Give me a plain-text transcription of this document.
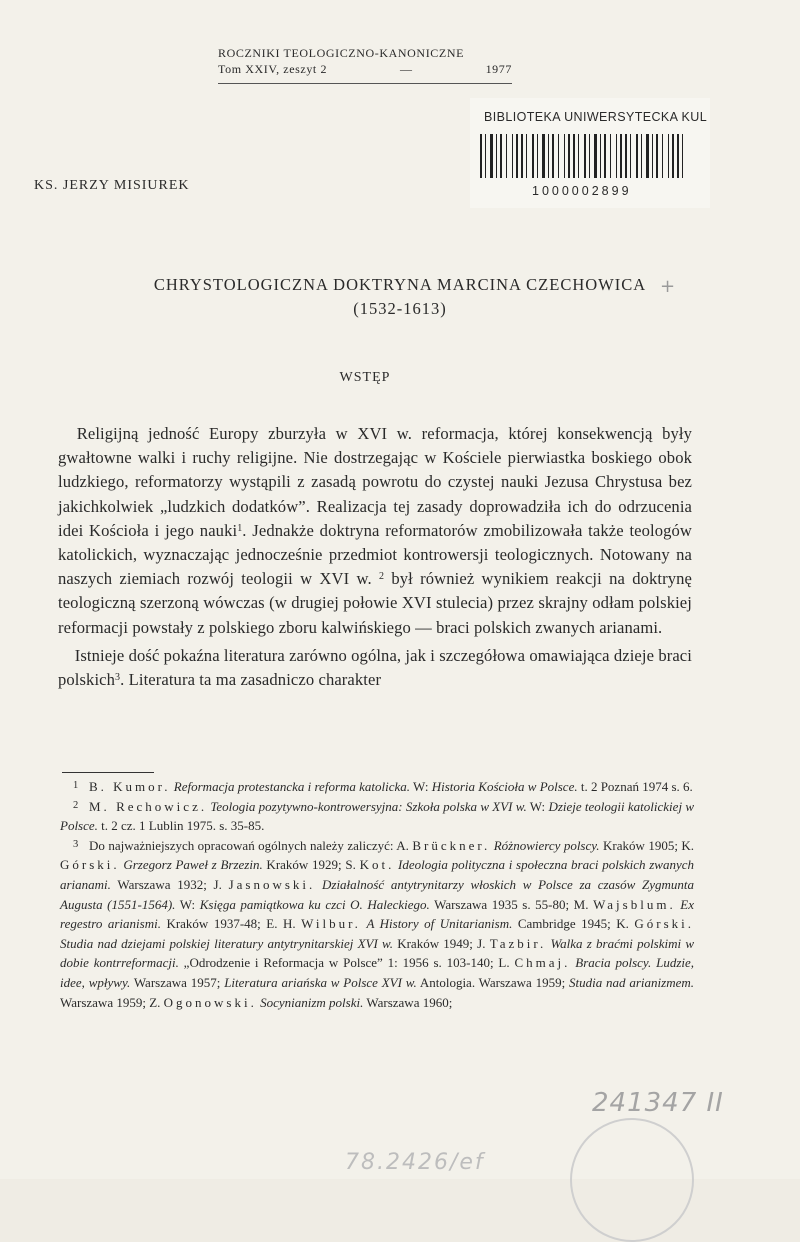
ROCZNIKI TEOLOGICZNO-KANONICZNE
Tom XXIV, zeszyt 2	—	1977
BIBLIOTEKA UNIWERSYTECKA KUL
1000002899
KS. JERZY MISIUREK
CHRYSTOLOGICZNA DOKTRYNA MARCINA CZECHOWICA
(1532-1613)
+
WSTĘP

 Religijną jedność Europy zburzyła w XVI w. reformacja, której konsekwencją były gwałtowne walki i ruchy religijne. Nie dostrzegając w Kościele pierwiastka boskiego obok ludzkiego, reformatorzy wystąpili z zasadą powrotu do czystej nauki Jezusa Chrystusa bez jakichkolwiek „ludzkich dodatków”. Realizacja tej zasady doprowadziła ich do odrzucenia idei Kościoła i jego nauki$^1$. Jednakże doktryna reformatorów zmobilizowała także teologów katolickich, wyznaczając jednocześnie przedmiot kontrowersji teologicznych. Notowany na naszych ziemiach rozwój teologii w XVI w. $^2$ był również wynikiem reakcji na doktrynę teologiczną szerzoną wówczas (w drugiej połowie XVI stulecia) przez skrajny odłam polskiej reformacji powstały z polskiego zboru kalwińskiego — braci polskich zwanych arianami.

 Istnieje dość pokaźna literatura zarówno ogólna, jak i szczegółowa omawiająca dzieje braci polskich$^3$. Literatura ta ma zasadniczo charakter

 1 B. Kumor. Reformacja protestancka i reforma katolicka. W: Historia Kościoła w Polsce. t. 2 Poznań 1974 s. 6.

 2 M. Rechowicz. Teologia pozytywno-kontrowersyjna: Szkoła polska w XVI w. W: Dzieje teologii katolickiej w Polsce. t. 2 cz. 1 Lublin 1975. s. 35-85.

 3 Do najważniejszych opracowań ogólnych należy zaliczyć: A. Brückner. Różnowiercy polscy. Kraków 1905; K. Górski. Grzegorz Paweł z Brzezin. Kraków 1929; S. Kot. Ideologia polityczna i społeczna braci polskich zwanych arianami. Warszawa 1932; J. Jasnowski. Działalność antytrynitarzy włoskich w Polsce za czasów Zygmunta Augusta (1551-1564). W: Księga pamiątkowa ku czci O. Haleckiego. Warszawa 1935 s. 55-80; M. Wajsblum. Ex regestro arianismi. Kraków 1937-48; E. H. Wilbur. A History of Unitarianism. Cambridge 1945; K. Górski. Studia nad dziejami polskiej literatury antytrynitarskiej XVI w. Kraków 1949; J. Tazbir. Walka z braćmi polskimi w dobie kontrreformacji. „Odrodzenie i Reformacja w Polsce” 1: 1956 s. 103-140; L. Chmaj. Bracia polscy. Ludzie, idee, wpływy. Warszawa 1957; Literatura ariańska w Polsce XVI w. Antologia. Warszawa 1959; Studia nad arianizmem. Warszawa 1959; Z. Ogonowski. Socynianizm polski. Warszawa 1960;

241347 II
78.2426/ef
